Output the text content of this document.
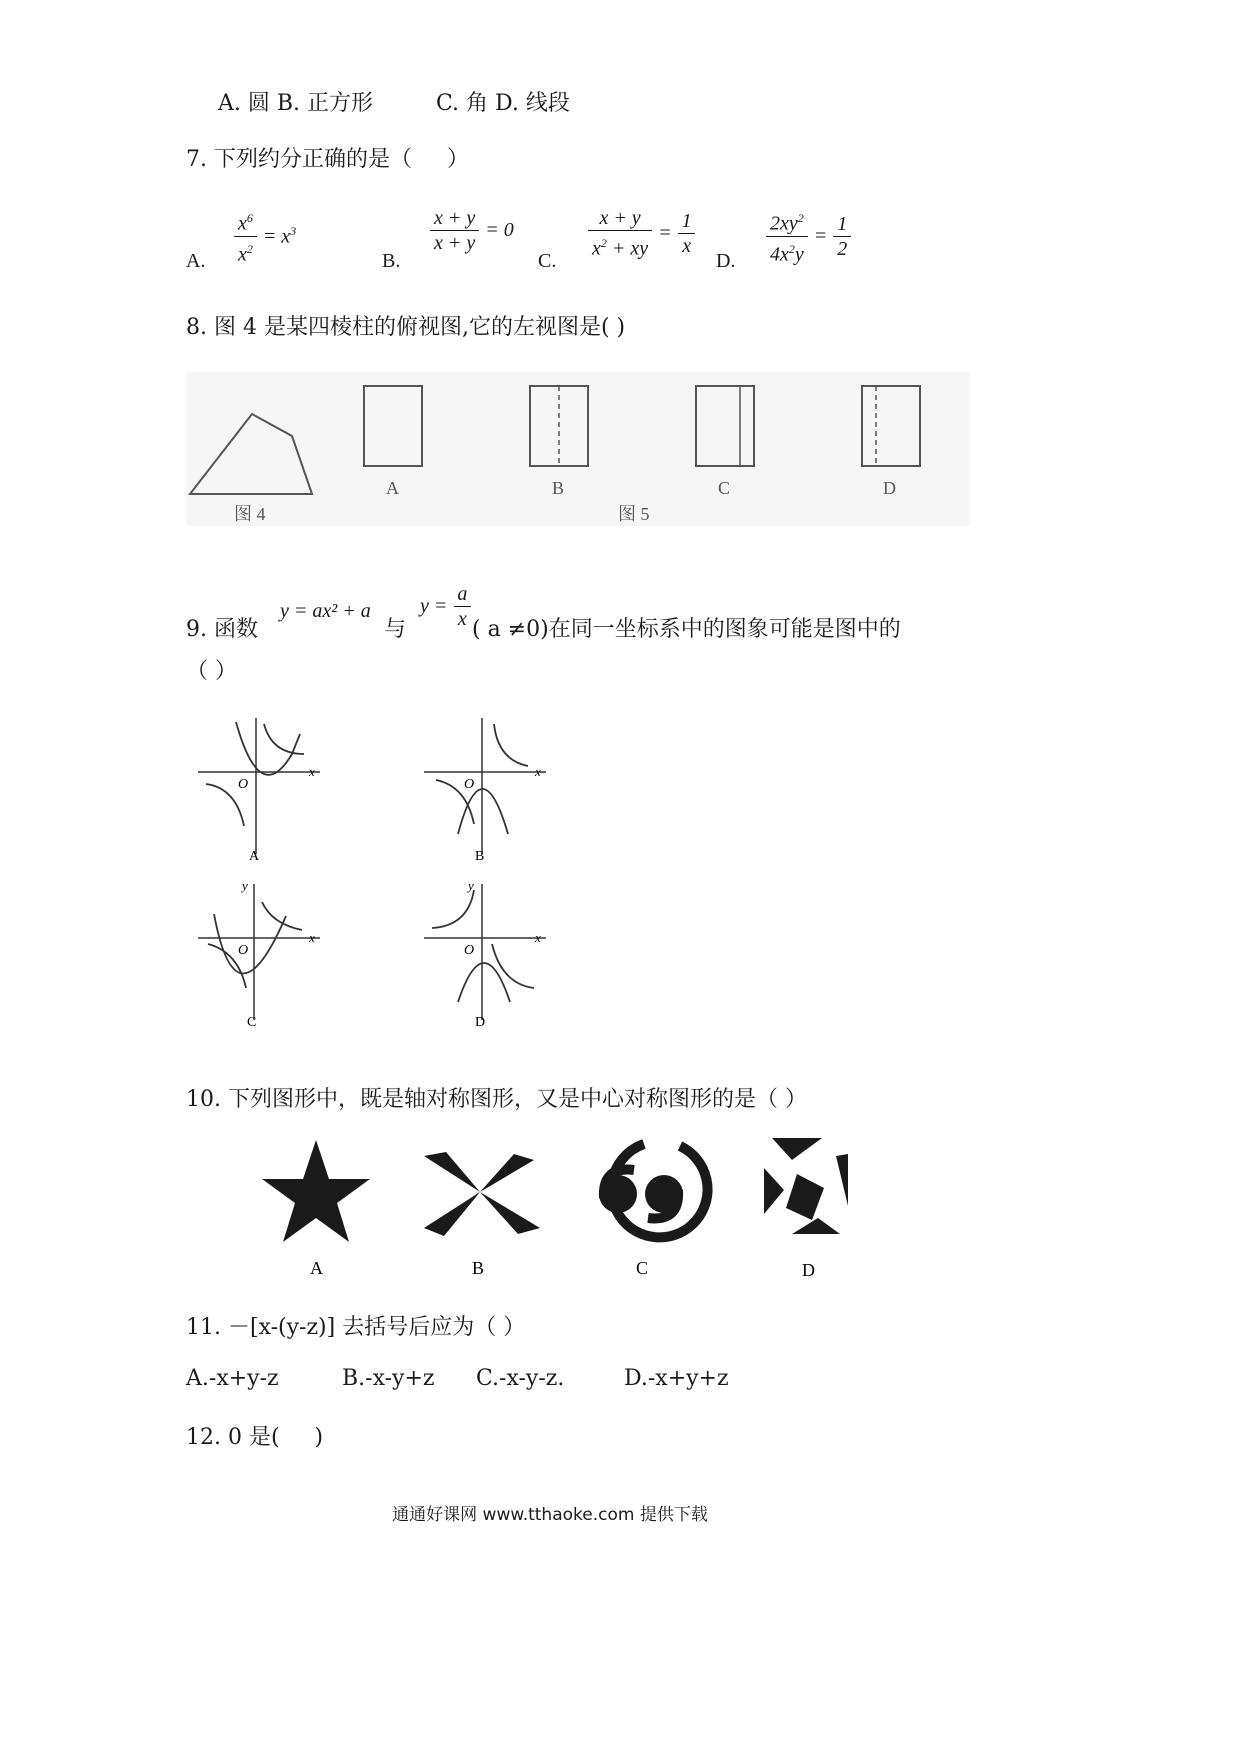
A. 圆 B. 正方形         C. 角 D. 线段
7. 下列约分正确的是（     ）
A. $\frac{x^6}{x^2} = x^3$
B.
$\frac{x + y}{x + y} = 0$
C.
$\frac{x + y}{x^2 + xy} = \frac{1}{x}$
D. $\frac{2xy^2}{4x^2y} = \frac{1}{2}$
8. 图 4 是某四棱柱的俯视图,它的左视图是( )
图 4
A	B	C	D
图 5
9. 函数
y = ax² + a
与
$y = \frac{a}{x}$ ( a ≠0)在同一坐标系中的图象可能是图中的
（ ）
x
O
A
x
O
B
y
x
O
C
y
x
O
D
10. 下列图形中，既是轴对称图形，又是中心对称图形的是（ ）
A	B	C	D
11. －[x-(y-z)] 去括号后应为（ ）
A.-x+y-z	B.-x-y+z C.-x-y-z.	D.-x+y+z
12. 0 是(     )
通通好课网 www.tthaoke.com 提供下载
